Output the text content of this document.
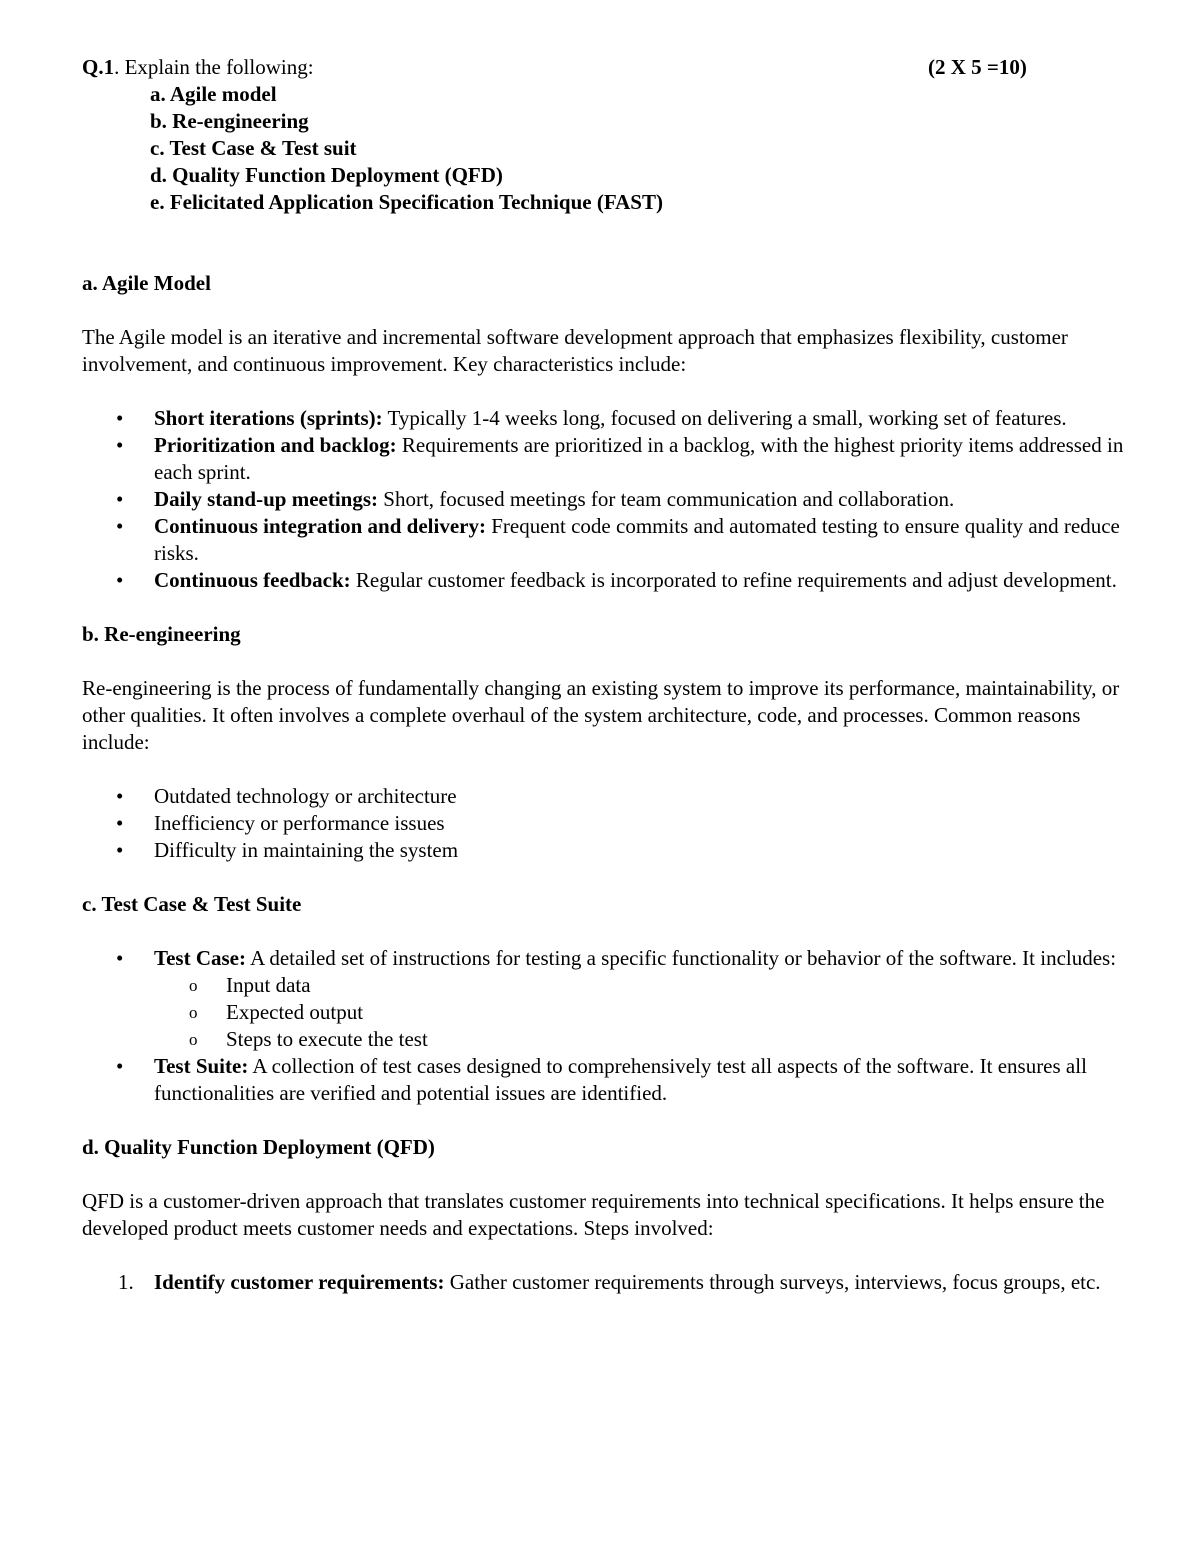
Q.1. Explain the following:	(2 X 5 =10)
a. Agile model
b. Re-engineering
c. Test Case & Test suit
d. Quality Function Deployment (QFD)
e. Felicitated Application Specification Technique (FAST)

a. Agile Model

The Agile model is an iterative and incremental software development approach that emphasizes flexibility, customer involvement, and continuous improvement. Key characteristics include:

• Short iterations (sprints): Typically 1-4 weeks long, focused on delivering a small, working set of features.
• Prioritization and backlog: Requirements are prioritized in a backlog, with the highest priority items addressed in each sprint.
• Daily stand-up meetings: Short, focused meetings for team communication and collaboration.
• Continuous integration and delivery: Frequent code commits and automated testing to ensure quality and reduce risks.
• Continuous feedback: Regular customer feedback is incorporated to refine requirements and adjust development.

b. Re-engineering

Re-engineering is the process of fundamentally changing an existing system to improve its performance, maintainability, or other qualities. It often involves a complete overhaul of the system architecture, code, and processes. Common reasons include:

• Outdated technology or architecture
• Inefficiency or performance issues
• Difficulty in maintaining the system

c. Test Case & Test Suite

• Test Case: A detailed set of instructions for testing a specific functionality or behavior of the software. It includes:
o Input data
o Expected output
o Steps to execute the test
• Test Suite: A collection of test cases designed to comprehensively test all aspects of the software. It ensures all functionalities are verified and potential issues are identified.

d. Quality Function Deployment (QFD)

QFD is a customer-driven approach that translates customer requirements into technical specifications. It helps ensure the developed product meets customer needs and expectations. Steps involved:

1. Identify customer requirements: Gather customer requirements through surveys, interviews, focus groups, etc.
